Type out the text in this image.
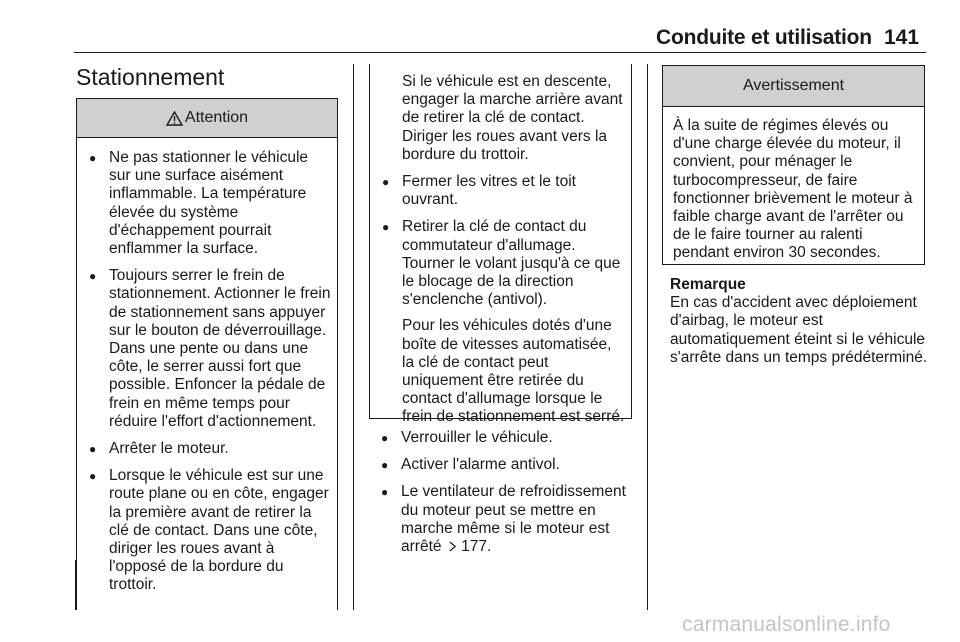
Conduite et utilisation 141
Stationnement
Attention
● Ne pas stationner le véhicule sur une surface aisément inflammable. La température élevée du système d'échappement pourrait enflammer la surface.
● Toujours serrer le frein de stationnement. Actionner le frein de stationnement sans appuyer sur le bouton de déverrouillage. Dans une pente ou dans une côte, le serrer aussi fort que possible. Enfoncer la pédale de frein en même temps pour réduire l'effort d'actionnement.
● Arrêter le moteur.
● Lorsque le véhicule est sur une route plane ou en côte, engager la première avant de retirer la clé de contact. Dans une côte, diriger les roues avant à l'opposé de la bordure du trottoir.
Si le véhicule est en descente, engager la marche arrière avant de retirer la clé de contact. Diriger les roues avant vers la bordure du trottoir.
● Fermer les vitres et le toit ouvrant.
● Retirer la clé de contact du commutateur d'allumage. Tourner le volant jusqu'à ce que le blocage de la direction s'enclenche (antivol).
Pour les véhicules dotés d'une boîte de vitesses automatisée, la clé de contact peut uniquement être retirée du contact d'allumage lorsque le frein de stationnement est serré.
● Verrouiller le véhicule.
● Activer l'alarme antivol.
● Le ventilateur de refroidissement du moteur peut se mettre en marche même si le moteur est arrêté 177.
Avertissement
À la suite de régimes élevés ou d'une charge élevée du moteur, il convient, pour ménager le turbocompresseur, de faire fonctionner brièvement le moteur à faible charge avant de l'arrêter ou de le faire tourner au ralenti pendant environ 30 secondes.
Remarque
En cas d'accident avec déploiement d'airbag, le moteur est automatiquement éteint si le véhicule s'arrête dans un temps prédéterminé.
carmanualsonline.info
